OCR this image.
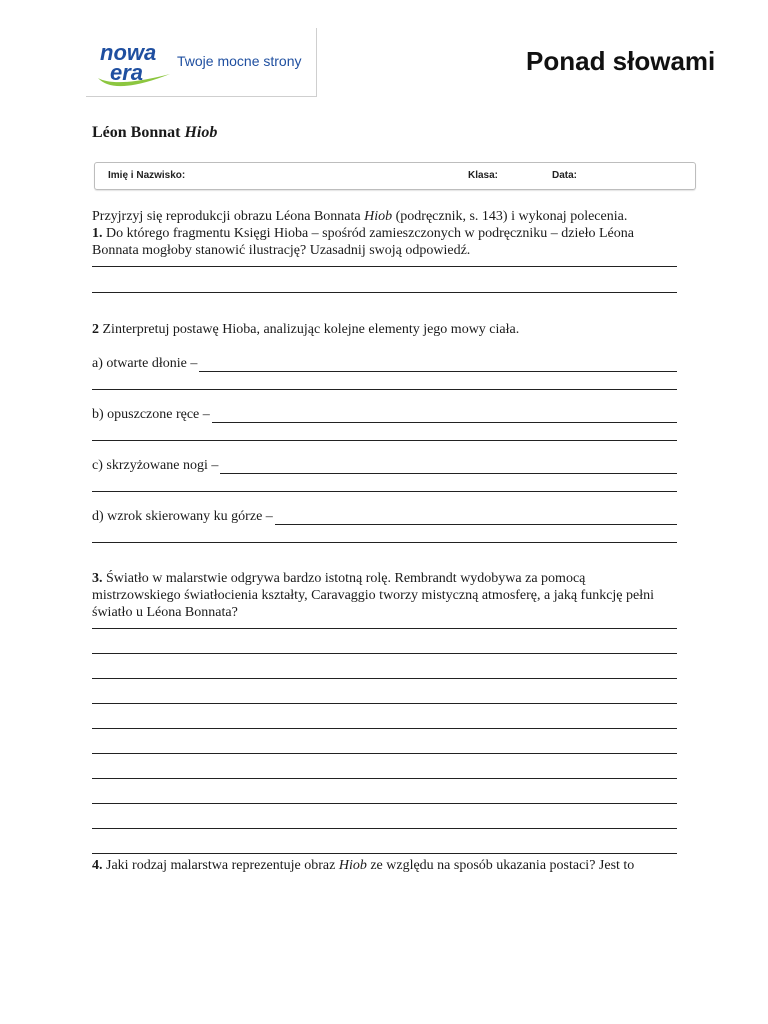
nowa
era Twoje mocne strony	Ponad słowami
Léon Bonnat Hiob
Imię i Nazwisko:	Klasa:	Data:

Przyjrzyj się reprodukcji obrazu Léona Bonnata Hiob (podręcznik, s. 143) i wykonaj polecenia.

1. Do którego fragmentu Księgi Hioba – spośród zamieszczonych w podręczniku – dzieło Léona Bonnata mogłoby stanowić ilustrację? Uzasadnij swoją odpowiedź.

2 Zinterpretuj postawę Hioba, analizując kolejne elementy jego mowy ciała.

a) otwarte dłonie –
b) opuszczone ręce –
c) skrzyżowane nogi –
d) wzrok skierowany ku górze –

3. Światło w malarstwie odgrywa bardzo istotną rolę. Rembrandt wydobywa za pomocą mistrzowskiego światłocienia kształty, Caravaggio tworzy mistyczną atmosferę, a jaką funkcję pełni światło u Léona Bonnata?

4. Jaki rodzaj malarstwa reprezentuje obraz Hiob ze względu na sposób ukazania postaci? Jest to
